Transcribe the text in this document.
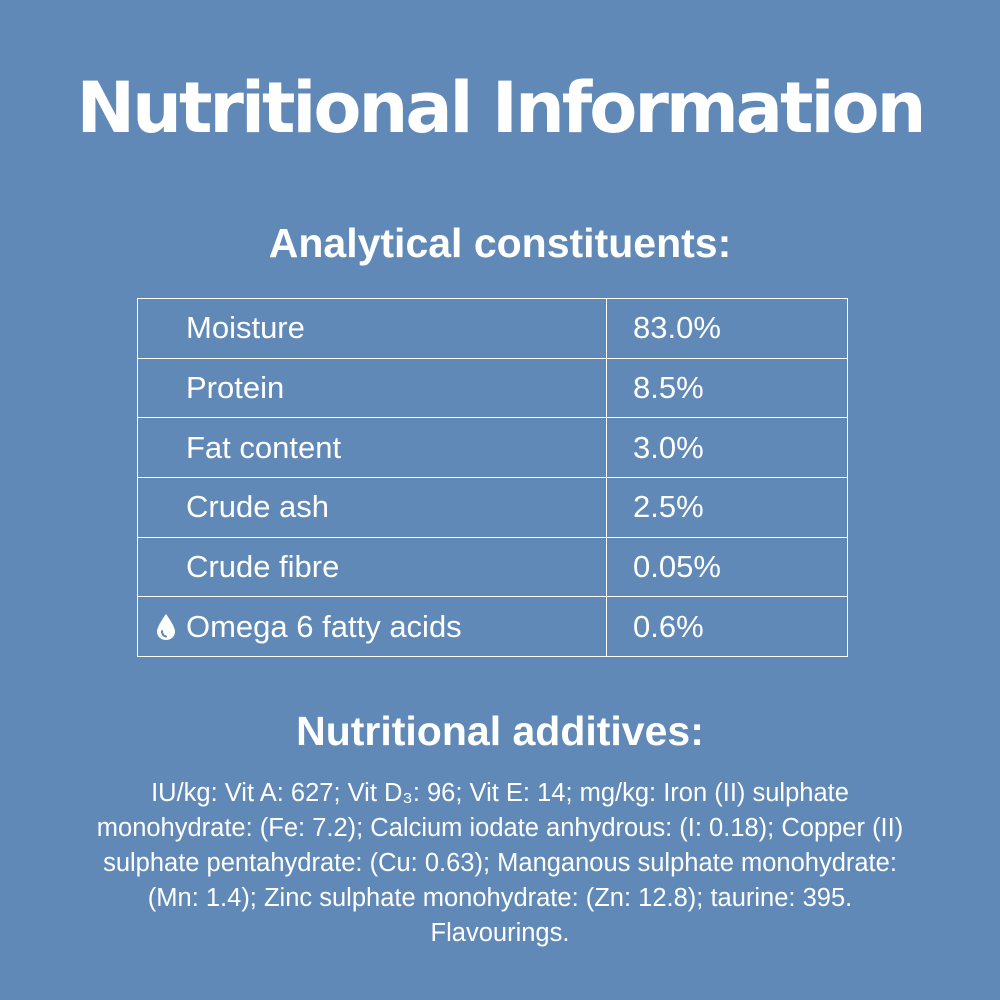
Nutritional Information
Analytical constituents:
Moisture	83.0%
Protein	8.5%
Fat content	3.0%
Crude ash	2.5%
Crude fibre	0.05%

Omega 6 fatty acids	0.6%
Nutritional additives:

IU/kg: Vit A: 627; Vit D₃: 96; Vit E: 14; mg/kg: Iron (II) sulphate monohydrate: (Fe: 7.2); Calcium iodate anhydrous: (I: 0.18); Copper (II) sulphate pentahydrate: (Cu: 0.63); Manganous sulphate monohydrate: (Mn: 1.4); Zinc sulphate monohydrate: (Zn: 12.8); taurine: 395. Flavourings.
